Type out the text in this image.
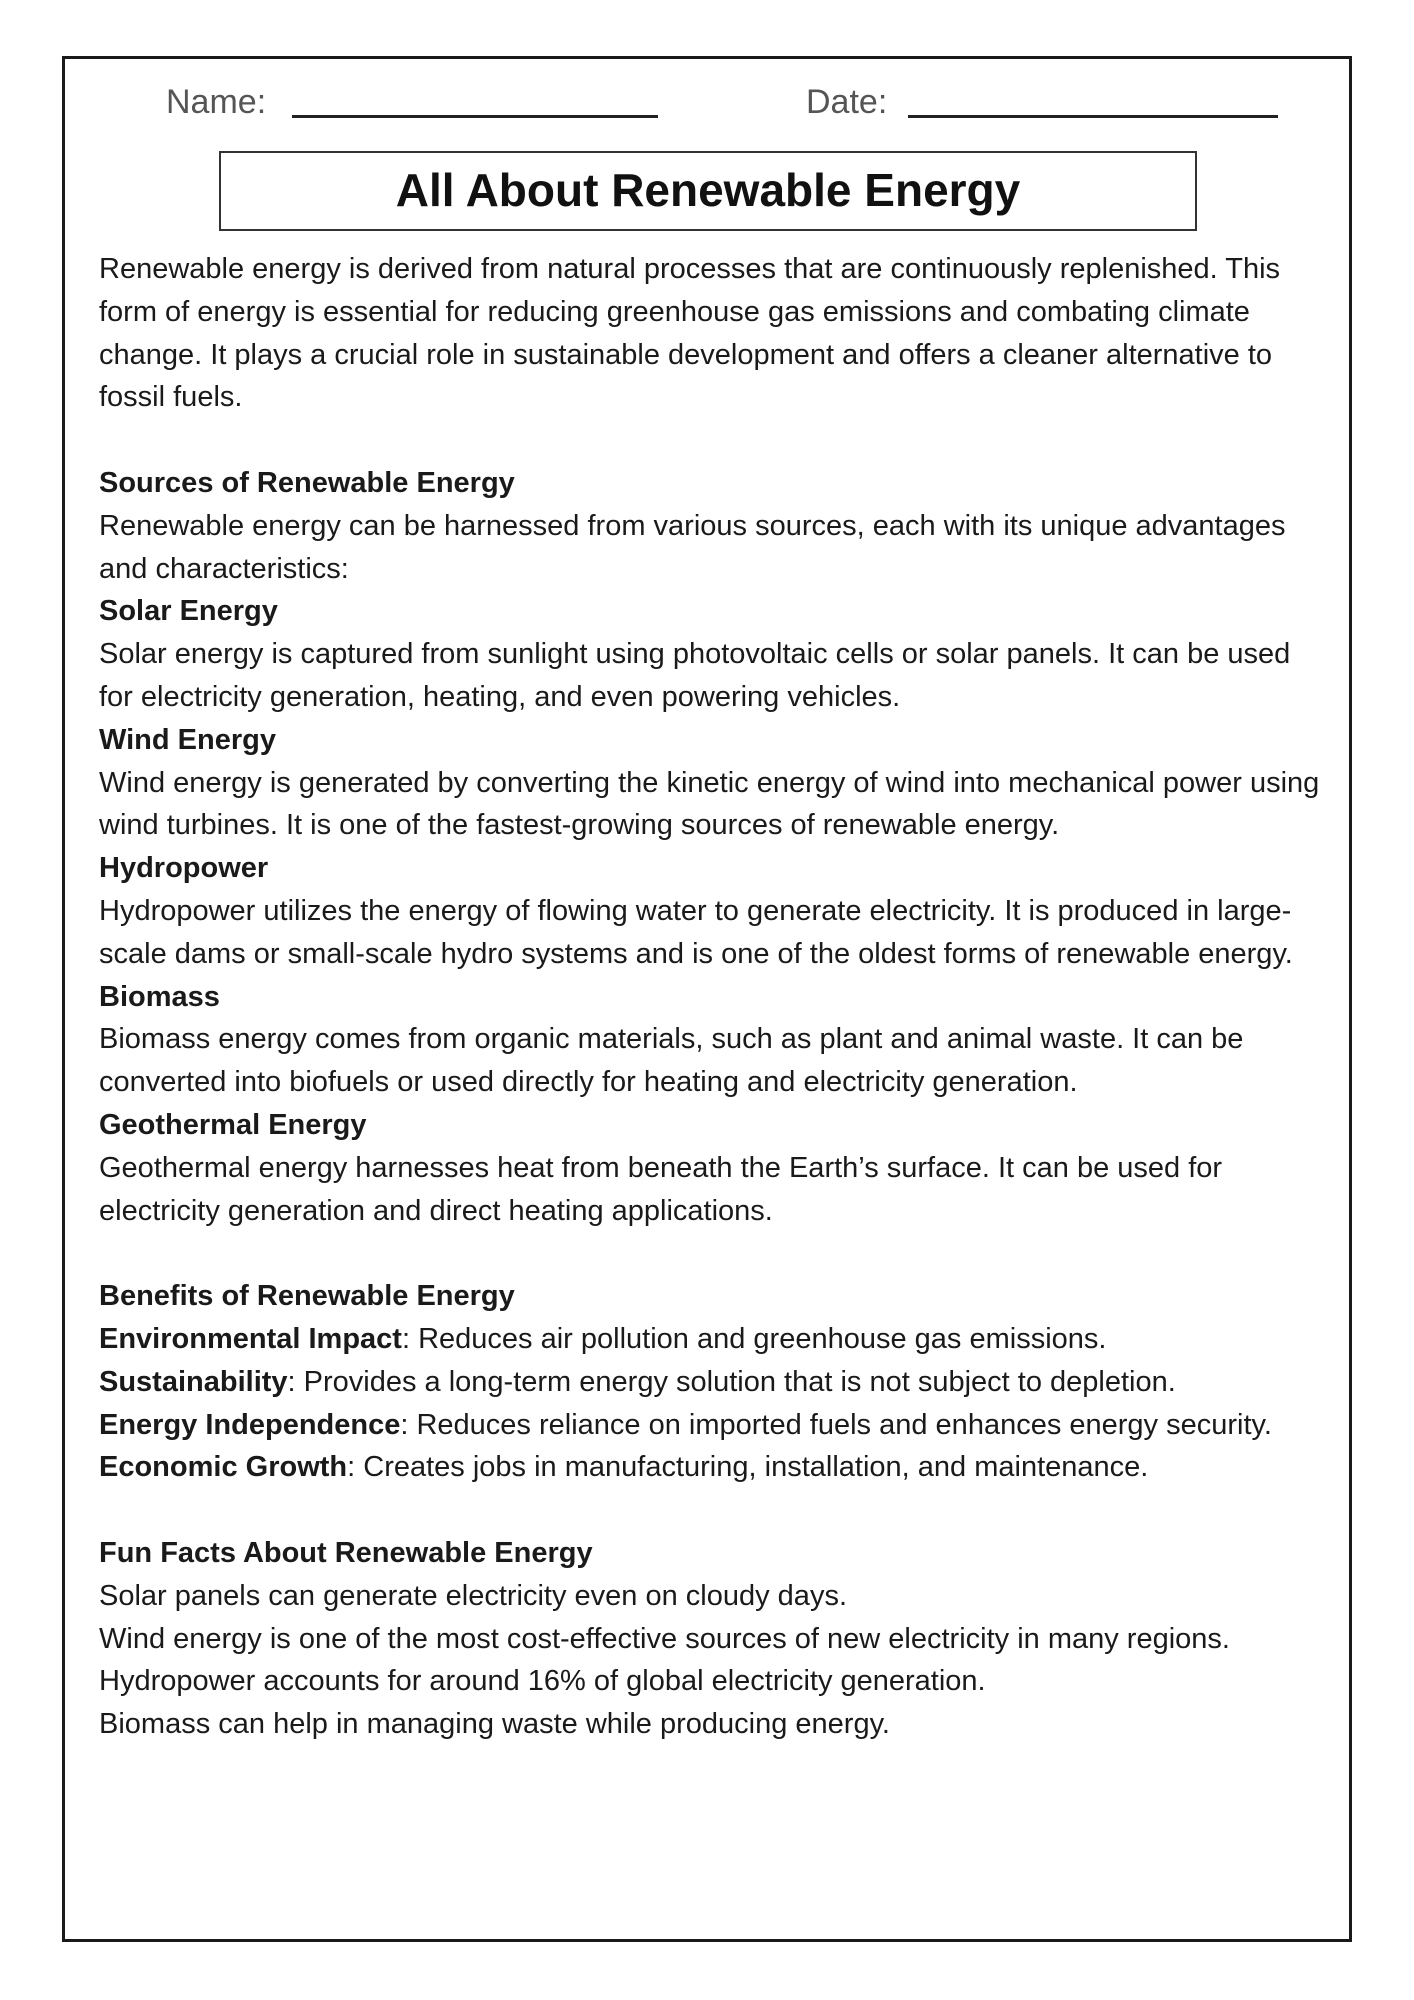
Name:	Date:
All About Renewable Energy

Renewable energy is derived from natural processes that are continuously replenished. This form of energy is essential for reducing greenhouse gas emissions and combating climate change. It plays a crucial role in sustainable development and offers a cleaner alternative to fossil fuels.

Sources of Renewable Energy

Renewable energy can be harnessed from various sources, each with its unique advantages and characteristics:

Solar Energy

Solar energy is captured from sunlight using photovoltaic cells or solar panels. It can be used for electricity generation, heating, and even powering vehicles.

Wind Energy

Wind energy is generated by converting the kinetic energy of wind into mechanical power using wind turbines. It is one of the fastest-growing sources of renewable energy.

Hydropower

Hydropower utilizes the energy of flowing water to generate electricity. It is produced in large-scale dams or small-scale hydro systems and is one of the oldest forms of renewable energy.

Biomass

Biomass energy comes from organic materials, such as plant and animal waste. It can be converted into biofuels or used directly for heating and electricity generation.

Geothermal Energy

Geothermal energy harnesses heat from beneath the Earth’s surface. It can be used for electricity generation and direct heating applications.

Benefits of Renewable Energy

Environmental Impact: Reduces air pollution and greenhouse gas emissions.

Sustainability: Provides a long-term energy solution that is not subject to depletion.

Energy Independence: Reduces reliance on imported fuels and enhances energy security.

Economic Growth: Creates jobs in manufacturing, installation, and maintenance.

Fun Facts About Renewable Energy

Solar panels can generate electricity even on cloudy days.

Wind energy is one of the most cost-effective sources of new electricity in many regions.

Hydropower accounts for around 16% of global electricity generation.

Biomass can help in managing waste while producing energy.
